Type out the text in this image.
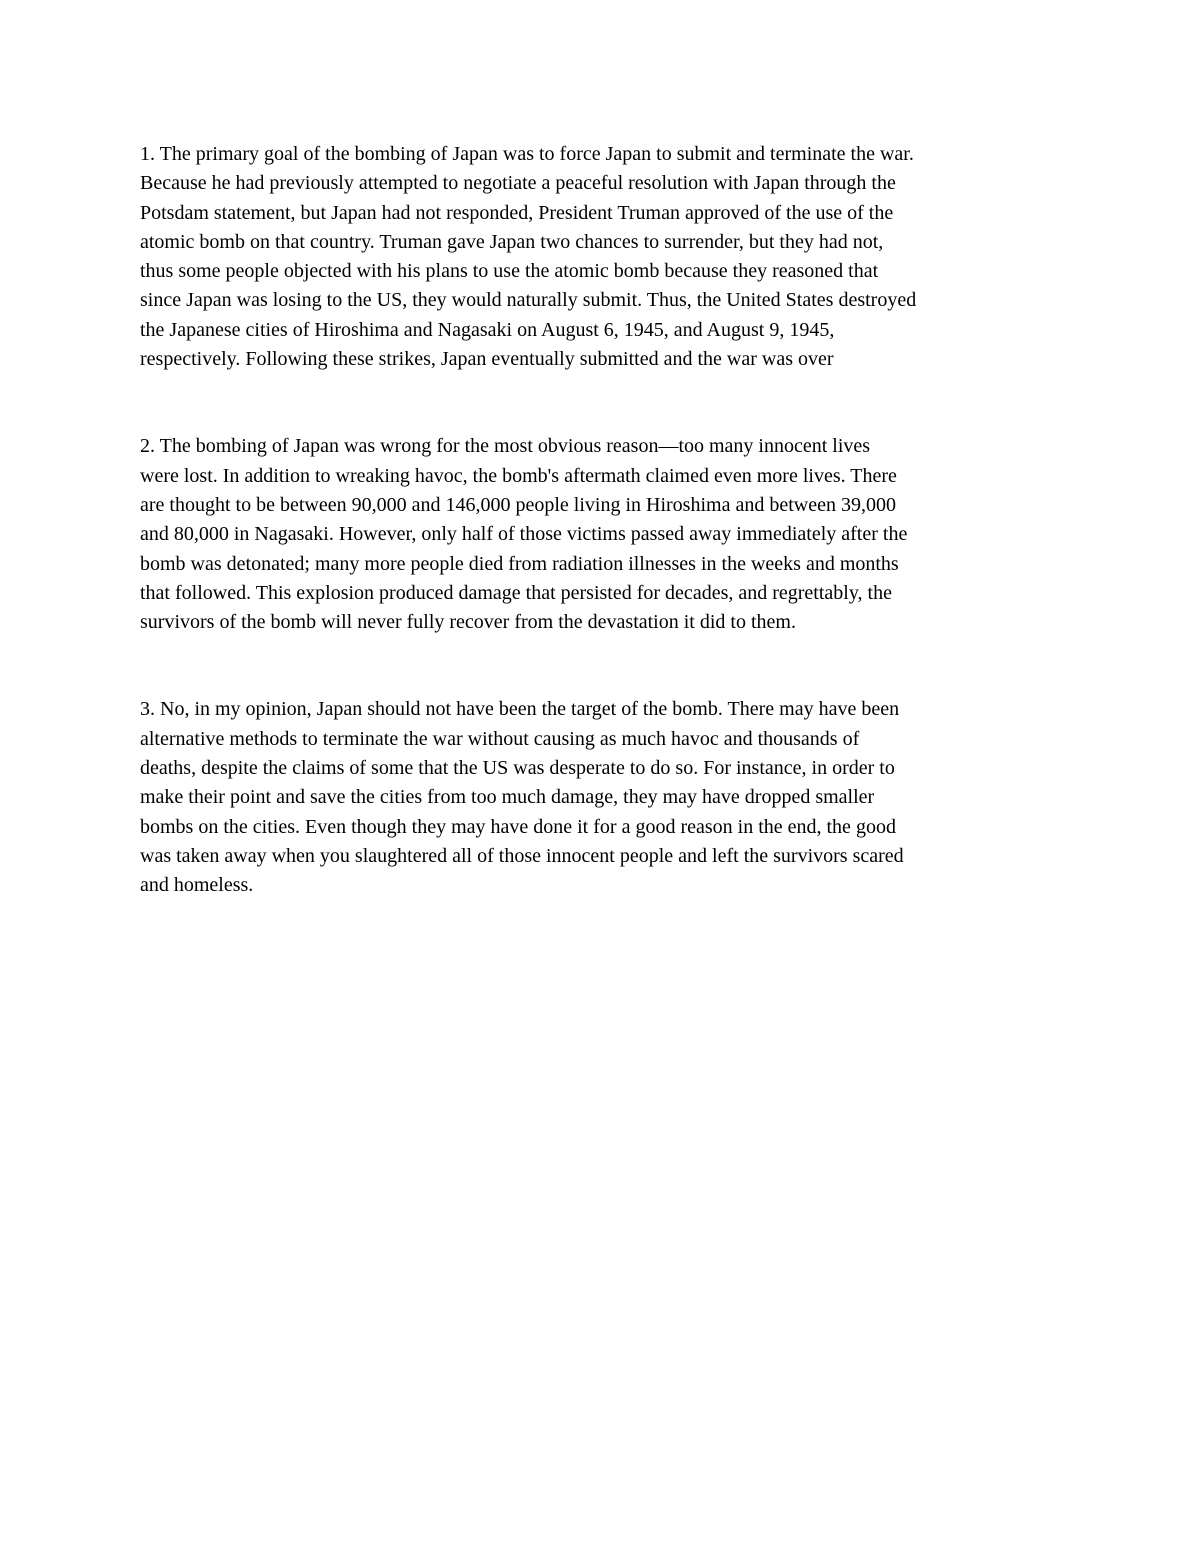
1. The primary goal of the bombing of Japan was to force Japan to submit and terminate the war.
Because he had previously attempted to negotiate a peaceful resolution with Japan through the
Potsdam statement, but Japan had not responded, President Truman approved of the use of the
atomic bomb on that country. Truman gave Japan two chances to surrender, but they had not,
thus some people objected with his plans to use the atomic bomb because they reasoned that
since Japan was losing to the US, they would naturally submit. Thus, the United States destroyed
the Japanese cities of Hiroshima and Nagasaki on August 6, 1945, and August 9, 1945,
respectively. Following these strikes, Japan eventually submitted and the war was over

2. The bombing of Japan was wrong for the most obvious reason—too many innocent lives
were lost. In addition to wreaking havoc, the bomb's aftermath claimed even more lives. There
are thought to be between 90,000 and 146,000 people living in Hiroshima and between 39,000
and 80,000 in Nagasaki. However, only half of those victims passed away immediately after the
bomb was detonated; many more people died from radiation illnesses in the weeks and months
that followed. This explosion produced damage that persisted for decades, and regrettably, the
survivors of the bomb will never fully recover from the devastation it did to them.

3. No, in my opinion, Japan should not have been the target of the bomb. There may have been
alternative methods to terminate the war without causing as much havoc and thousands of
deaths, despite the claims of some that the US was desperate to do so. For instance, in order to
make their point and save the cities from too much damage, they may have dropped smaller
bombs on the cities. Even though they may have done it for a good reason in the end, the good
was taken away when you slaughtered all of those innocent people and left the survivors scared
and homeless.
